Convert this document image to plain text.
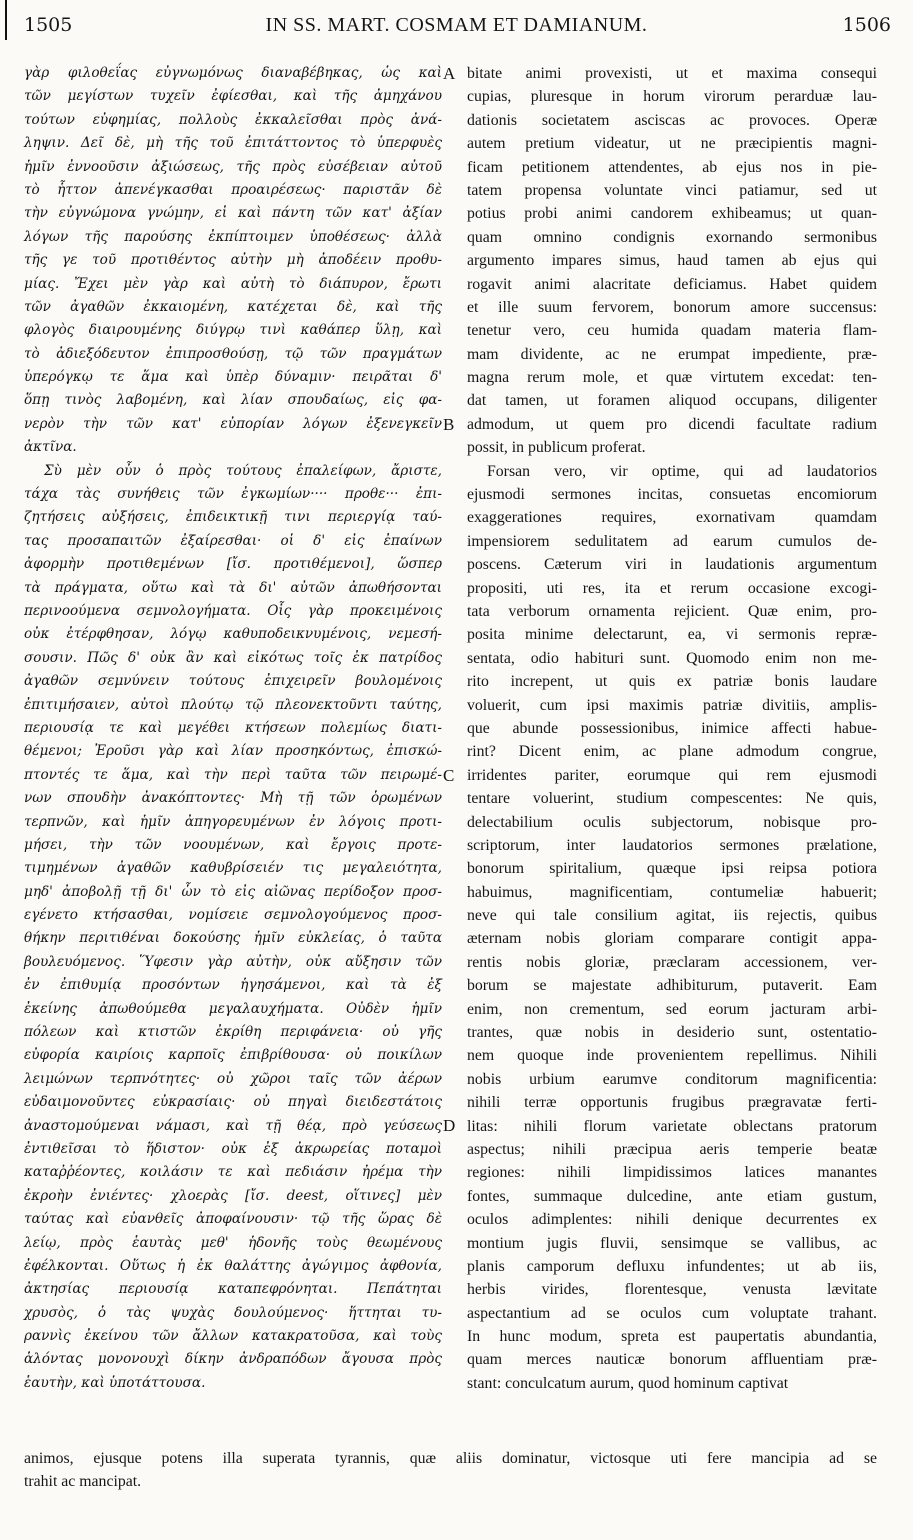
1505	IN SS. MART. COSMAM ET DAMIANUM.	1506
γὰρ φιλοθεΐας εὐγνωμόνως διαναβέβηκας, ὡς καὶ
τῶν μεγίστων τυχεῖν ἐφίεσθαι, καὶ τῆς ἀμηχάνου
τούτων εὐφημίας, πολλοὺς ἐκκαλεῖσθαι πρὸς ἀνά-
ληψιν. Δεῖ δὲ, μὴ τῆς τοῦ ἐπιτάττοντος τὸ ὑπερφυὲς
ἡμῖν ἐννοοῦσιν ἀξιώσεως, τῆς πρὸς εὐσέβειαν αὐτοῦ
τὸ ἧττον ἀπενέγκασθαι προαιρέσεως· παριστᾶν δὲ
τὴν εὐγνώμονα γνώμην, εἰ καὶ πάντη τῶν κατ' ἀξίαν
λόγων τῆς παρούσης ἐκπίπτοιμεν ὑποθέσεως· ἀλλὰ
τῆς γε τοῦ προτιθέντος αὐτὴν μὴ ἀποδέειν προθυ-
μίας. Ἔχει μὲν γὰρ καὶ αὐτὴ τὸ διάπυρον, ἔρωτι
τῶν ἀγαθῶν ἐκκαιομένη, κατέχεται δὲ, καὶ τῆς
φλογὸς διαιρουμένης διύγρῳ τινὶ καθάπερ ὕλῃ, καὶ
τὸ ἀδιεξόδευτον ἐπιπροσθούσῃ, τῷ τῶν πραγμάτων
ὑπερόγκῳ τε ἅμα καὶ ὑπὲρ δύναμιν· πειρᾶται δ'
ὅπῃ τινὸς λαβομένη, καὶ λίαν σπουδαίως, εἰς φα-
νερὸν τὴν τῶν κατ' εὐπορίαν λόγων ἐξενεγκεῖν
ἀκτῖνα.
Σὺ μὲν οὖν ὁ πρὸς τούτους ἐπαλείφων, ἄριστε,
τάχα τὰς συνήθεις τῶν ἐγκωμίων···· προθε··· ἐπι-
ζητήσεις αὐξήσεις, ἐπιδεικτικῇ τινι περιεργίᾳ ταύ-
τας προσαπαιτῶν ἐξαίρεσθαι· οἱ δ' εἰς ἐπαίνων
ἀφορμὴν προτιθεμένων [ἴσ. προτιθέμενοι], ὥσπερ
τὰ πράγματα, οὕτω καὶ τὰ δι' αὐτῶν ἀπωθήσονται
περινοούμενα σεμνολογήματα. Οἷς γὰρ προκειμένοις
οὐκ ἐτέρφθησαν, λόγῳ καθυποδεικνυμένοις, νεμεσή-
σουσιν. Πῶς δ' οὐκ ἂν καὶ εἰκότως τοῖς ἐκ πατρίδος
ἀγαθῶν σεμνύνειν τούτους ἐπιχειρεῖν βουλομένοις
ἐπιτιμήσαιεν, αὐτοὶ πλούτῳ τῷ πλεονεκτοῦντι ταύτης,
περιουσίᾳ τε καὶ μεγέθει κτήσεων πολεμίως διατι-
θέμενοι; Ἐροῦσι γὰρ καὶ λίαν προσηκόντως, ἐπισκώ-
πτοντές τε ἅμα, καὶ τὴν περὶ ταῦτα τῶν πειρωμέ-
νων σπουδὴν ἀνακόπτοντες· Μὴ τῇ τῶν ὁρωμένων
τερπνῶν, καὶ ἡμῖν ἀπηγορευμένων ἐν λόγοις προτι-
μήσει, τὴν τῶν νοουμένων, καὶ ἔργοις προτε-
τιμημένων ἀγαθῶν καθυβρίσειέν τις μεγαλειότητα,
μηδ' ἀποβολῇ τῇ δι' ὧν τὸ εἰς αἰῶνας περίδοξον προσ-
εγένετο κτήσασθαι, νομίσειε σεμνολογούμενος προσ-
θήκην περιτιθέναι δοκούσης ἡμῖν εὐκλείας, ὁ ταῦτα
βουλευόμενος. Ὕφεσιν γὰρ αὐτὴν, οὐκ αὔξησιν τῶν
ἐν ἐπιθυμίᾳ προσόντων ἡγησάμενοι, καὶ τὰ ἐξ
ἐκείνης ἀπωθούμεθα μεγαλαυχήματα. Οὐδὲν ἡμῖν
πόλεων καὶ κτιστῶν ἐκρίθη περιφάνεια· οὐ γῆς
εὐφορία καιρίοις καρποῖς ἐπιβρίθουσα· οὐ ποικίλων
λειμώνων τερπνότητες· οὐ χῶροι ταῖς τῶν ἀέρων
εὐδαιμονοῦντες εὐκρασίαις· οὐ πηγαὶ διειδεστάτοις
ἀναστομούμεναι νάμασι, καὶ τῇ θέᾳ, πρὸ γεύσεως
ἐντιθεῖσαι τὸ ἥδιστον· οὐκ ἐξ ἀκρωρείας ποταμοὶ
καταῤῥέοντες, κοιλάσιν τε καὶ πεδιάσιν ἠρέμα τὴν
ἐκροὴν ἐνιέντες· χλοερὰς [ἴσ. deest, οἵτινες] μὲν
ταύτας καὶ εὐανθεῖς ἀποφαίνουσιν· τῷ τῆς ὥρας δὲ
λείῳ, πρὸς ἑαυτὰς μεθ' ἡδονῆς τοὺς θεωμένους
ἐφέλκονται. Οὕτως ἡ ἐκ θαλάττης ἀγώγιμος ἀφθονία,
ἀκτησίας περιουσίᾳ καταπεφρόνηται. Πεπάτηται
χρυσὸς, ὁ τὰς ψυχὰς δουλούμενος· ἥττηται τυ-
ραννὶς ἐκείνου τῶν ἄλλων κατακρατοῦσα, καὶ τοὺς
ἁλόντας μονονουχὶ δίκην ἀνδραπόδων ἄγουσα πρὸς
ἑαυτὴν, καὶ ὑποτάττουσα.
bitate animi provexisti, ut et maxima consequi
cupias, pluresque in horum virorum perarduæ lau-
dationis societatem asciscas ac provoces. Operæ
autem pretium videatur, ut ne præcipientis magni-
ficam petitionem attendentes, ab ejus nos in pie-
tatem propensa voluntate vinci patiamur, sed ut
potius probi animi candorem exhibeamus; ut quan-
quam omnino condignis exornando sermonibus
argumento impares simus, haud tamen ab ejus qui
rogavit animi alacritate deficiamus. Habet quidem
et ille suum fervorem, bonorum amore succensus:
tenetur vero, ceu humida quadam materia flam-
mam dividente, ac ne erumpat impediente, præ-
magna rerum mole, et quæ virtutem excedat: ten-
dat tamen, ut foramen aliquod occupans, diligenter
admodum, ut quem pro dicendi facultate radium
possit, in publicum proferat.
Forsan vero, vir optime, qui ad laudatorios
ejusmodi sermones incitas, consuetas encomiorum
exaggerationes requires, exornativam quamdam
impensiorem sedulitatem ad earum cumulos de-
poscens. Cæterum viri in laudationis argumentum
propositi, uti res, ita et rerum occasione excogi-
tata verborum ornamenta rejicient. Quæ enim, pro-
posita minime delectarunt, ea, vi sermonis repræ-
sentata, odio habituri sunt. Quomodo enim non me-
rito increpent, ut quis ex patriæ bonis laudare
voluerit, cum ipsi maximis patriæ divitiis, amplis-
que abunde possessionibus, inimice affecti habue-
rint? Dicent enim, ac plane admodum congrue,
irridentes pariter, eorumque qui rem ejusmodi
tentare voluerint, studium compescentes: Ne quis,
delectabilium oculis subjectorum, nobisque pro-
scriptorum, inter laudatorios sermones prælatione,
bonorum spiritalium, quæque ipsi reipsa potiora
habuimus, magnificentiam, contumeliæ habuerit;
neve qui tale consilium agitat, iis rejectis, quibus
æternam nobis gloriam comparare contigit appa-
rentis nobis gloriæ, præclaram accessionem, ver-
borum se majestate adhibiturum, putaverit. Eam
enim, non crementum, sed eorum jacturam arbi-
trantes, quæ nobis in desiderio sunt, ostentatio-
nem quoque inde provenientem repellimus. Nihili
nobis urbium earumve conditorum magnificentia:
nihili terræ opportunis frugibus prægravatæ ferti-
litas: nihili florum varietate oblectans pratorum
aspectus; nihili præcipua aeris temperie beatæ
regiones: nihili limpidissimos latices manantes
fontes, summaque dulcedine, ante etiam gustum,
oculos adimplentes: nihili denique decurrentes ex
montium jugis fluvii, sensimque se vallibus, ac
planis camporum defluxu infundentes; ut ab iis,
herbis virides, florentesque, venusta lævitate
aspectantium ad se oculos cum voluptate trahant.
In hunc modum, spreta est paupertatis abundantia,
quam merces nauticæ bonorum affluentiam præ-
stant: conculcatum aurum, quod hominum captivat
A
B
C
D
animos, ejusque potens illa superata tyrannis, quæ aliis dominatur, victosque uti fere mancipia ad se
trahit ac mancipat.
